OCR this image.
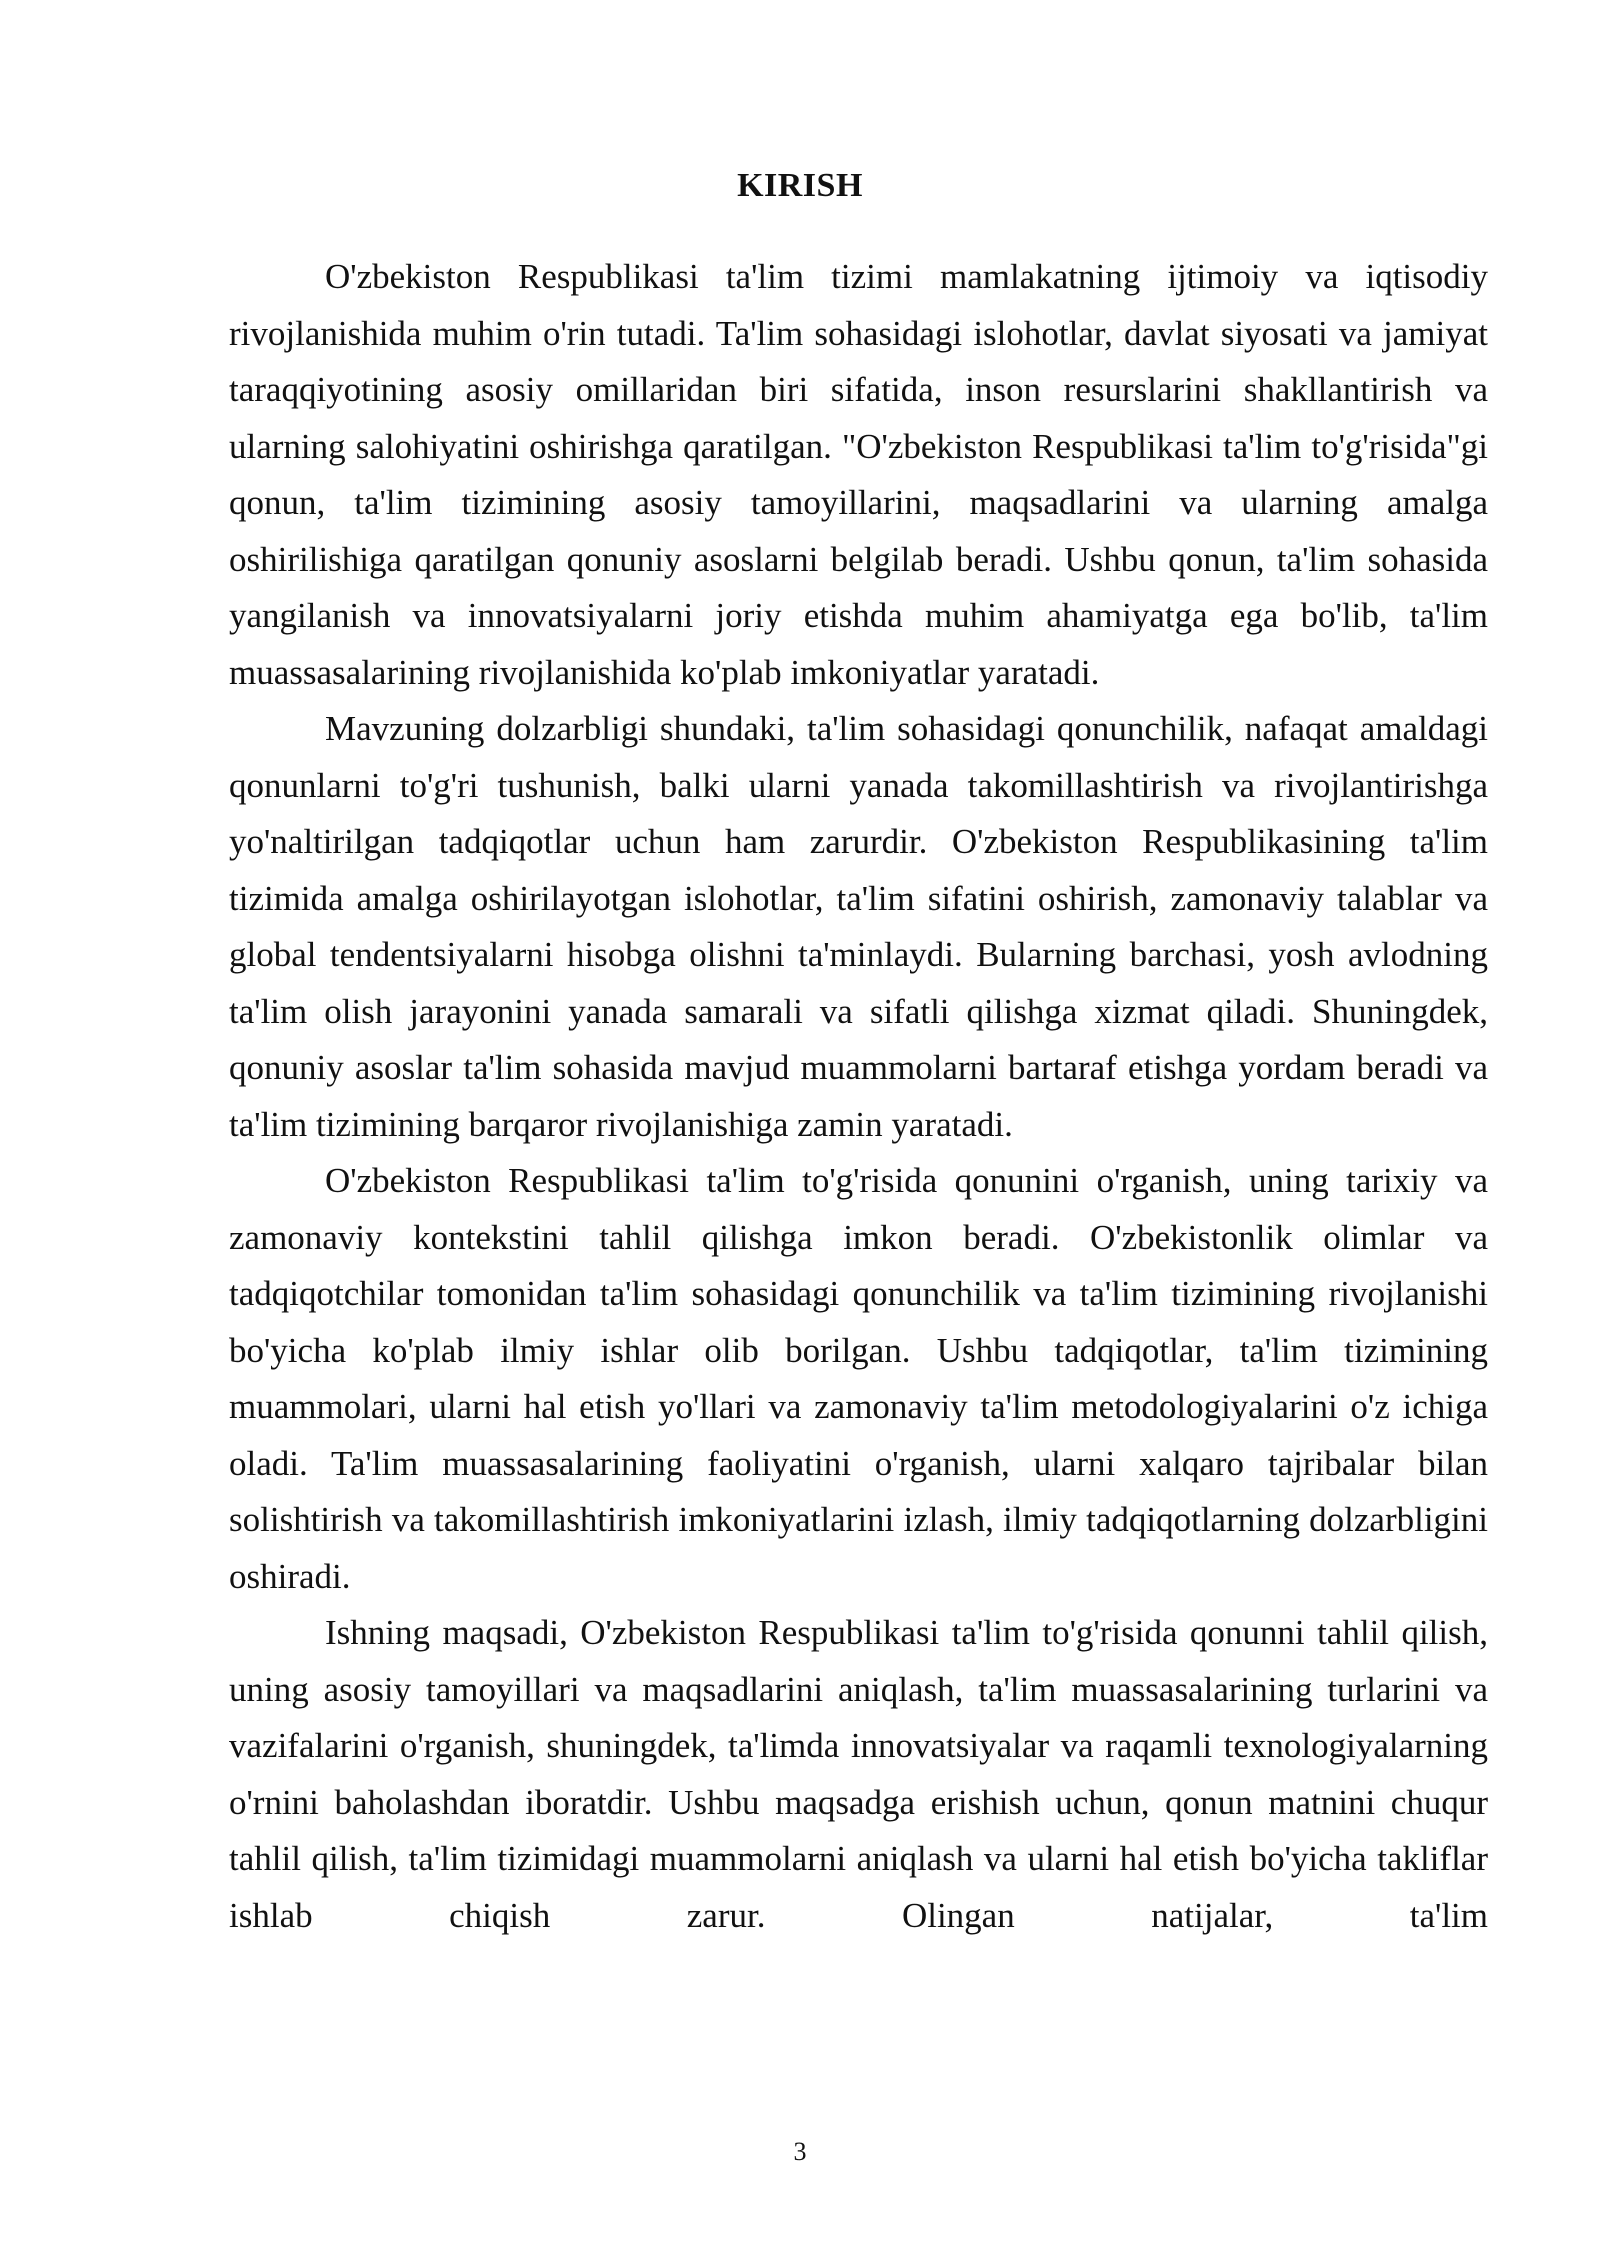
KIRISH

O'zbekiston Respublikasi ta'lim tizimi mamlakatning ijtimoiy va iqtisodiy rivojlanishida muhim o'rin tutadi. Ta'lim sohasidagi islohotlar, davlat siyosati va jamiyat taraqqiyotining asosiy omillaridan biri sifatida, inson resurslarini shakllantirish va ularning salohiyatini oshirishga qaratilgan. "O'zbekiston Respublikasi ta'lim to'g'risida"gi qonun, ta'lim tizimining asosiy tamoyillarini, maqsadlarini va ularning amalga oshirilishiga qaratilgan qonuniy asoslarni belgilab beradi. Ushbu qonun, ta'lim sohasida yangilanish va innovatsiyalarni joriy etishda muhim ahamiyatga ega bo'lib, ta'lim muassasalarining rivojlanishida ko'plab imkoniyatlar yaratadi.

Mavzuning dolzarbligi shundaki, ta'lim sohasidagi qonunchilik, nafaqat amaldagi qonunlarni to'g'ri tushunish, balki ularni yanada takomillashtirish va rivojlantirishga yo'naltirilgan tadqiqotlar uchun ham zarurdir. O'zbekiston Respublikasining ta'lim tizimida amalga oshirilayotgan islohotlar, ta'lim sifatini oshirish, zamonaviy talablar va global tendentsiyalarni hisobga olishni ta'minlaydi. Bularning barchasi, yosh avlodning ta'lim olish jarayonini yanada samarali va sifatli qilishga xizmat qiladi. Shuningdek, qonuniy asoslar ta'lim sohasida mavjud muammolarni bartaraf etishga yordam beradi va ta'lim tizimining barqaror rivojlanishiga zamin yaratadi.

O'zbekiston Respublikasi ta'lim to'g'risida qonunini o'rganish, uning tarixiy va zamonaviy kontekstini tahlil qilishga imkon beradi. O'zbekistonlik olimlar va tadqiqotchilar tomonidan ta'lim sohasidagi qonunchilik va ta'lim tizimining rivojlanishi bo'yicha ko'plab ilmiy ishlar olib borilgan. Ushbu tadqiqotlar, ta'lim tizimining muammolari, ularni hal etish yo'llari va zamonaviy ta'lim metodologiyalarini o'z ichiga oladi. Ta'lim muassasalarining faoliyatini o'rganish, ularni xalqaro tajribalar bilan solishtirish va takomillashtirish imkoniyatlarini izlash, ilmiy tadqiqotlarning dolzarbligini oshiradi.

Ishning maqsadi, O'zbekiston Respublikasi ta'lim to'g'risida qonunni tahlil qilish, uning asosiy tamoyillari va maqsadlarini aniqlash, ta'lim muassasalarining turlarini va vazifalarini o'rganish, shuningdek, ta'limda innovatsiyalar va raqamli texnologiyalarning o'rnini baholashdan iboratdir. Ushbu maqsadga erishish uchun, qonun matnini chuqur tahlil qilish, ta'lim tizimidagi muammolarni aniqlash va ularni hal etish bo'yicha takliflar ishlab chiqish zarur. Olingan natijalar, ta'lim

3
